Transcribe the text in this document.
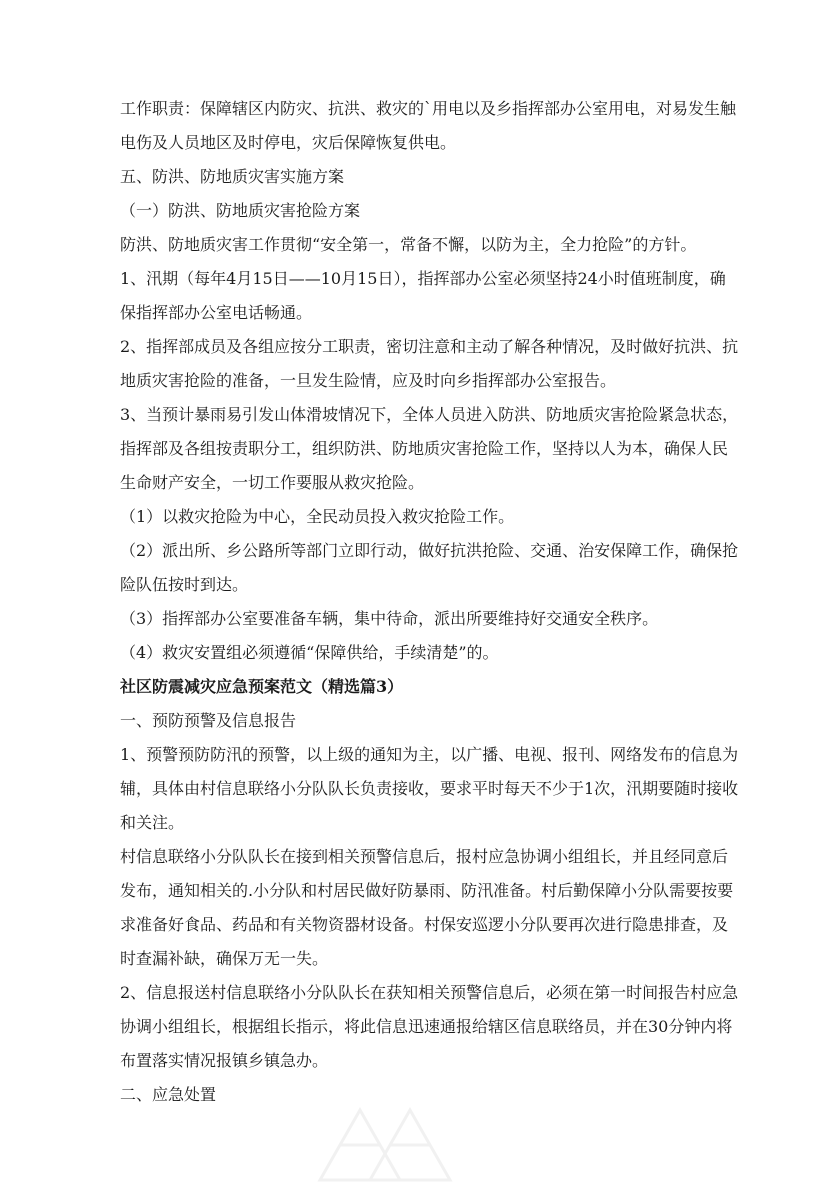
工作职责：保障辖区内防灾、抗洪、救灾的`用电以及乡指挥部办公室用电，对易发生触电伤及人员地区及时停电，灾后保障恢复供电。

五、防洪、防地质灾害实施方案

（一）防洪、防地质灾害抢险方案

防洪、防地质灾害工作贯彻“安全第一，常备不懈，以防为主，全力抢险”的方针。

1、汛期（每年4月15日——10月15日），指挥部办公室必须坚持24小时值班制度，确保指挥部办公室电话畅通。

2、指挥部成员及各组应按分工职责，密切注意和主动了解各种情况，及时做好抗洪、抗地质灾害抢险的准备，一旦发生险情，应及时向乡指挥部办公室报告。

3、当预计暴雨易引发山体滑坡情况下，全体人员进入防洪、防地质灾害抢险紧急状态，指挥部及各组按责职分工，组织防洪、防地质灾害抢险工作，坚持以人为本，确保人民生命财产安全，一切工作要服从救灾抢险。

（1）以救灾抢险为中心，全民动员投入救灾抢险工作。

（2）派出所、乡公路所等部门立即行动，做好抗洪抢险、交通、治安保障工作，确保抢险队伍按时到达。

（3）指挥部办公室要准备车辆，集中待命，派出所要维持好交通安全秩序。

（4）救灾安置组必须遵循“保障供给，手续清楚”的。

社区防震减灾应急预案范文（精选篇3）

一、预防预警及信息报告

1、预警预防防汛的预警，以上级的通知为主，以广播、电视、报刊、网络发布的信息为辅，具体由村信息联络小分队队长负责接收，要求平时每天不少于1次，汛期要随时接收和关注。

村信息联络小分队队长在接到相关预警信息后，报村应急协调小组组长，并且经同意后发布，通知相关的.小分队和村居民做好防暴雨、防汛准备。村后勤保障小分队需要按要求准备好食品、药品和有关物资器材设备。村保安巡逻小分队要再次进行隐患排查，及时查漏补缺，确保万无一失。

2、信息报送村信息联络小分队队长在获知相关预警信息后，必须在第一时间报告村应急协调小组组长，根据组长指示，将此信息迅速通报给辖区信息联络员，并在30分钟内将布置落实情况报镇乡镇急办。

二、应急处置
